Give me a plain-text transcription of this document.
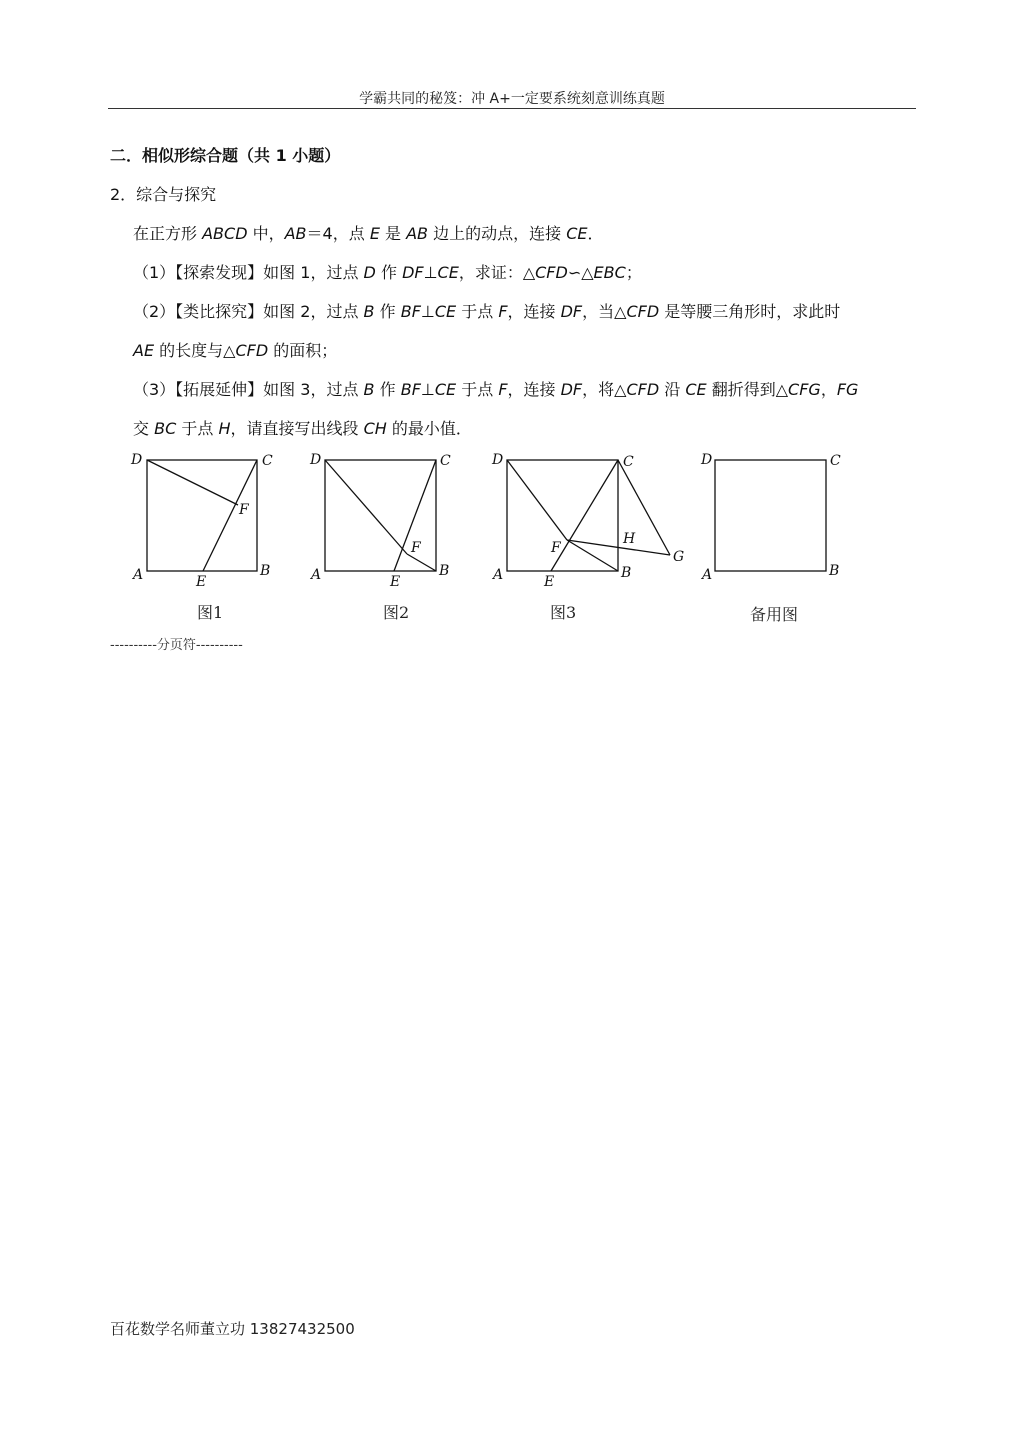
学霸共同的秘笈：冲 A+一定要系统刻意训练真题
二．相似形综合题（共 1 小题）
2．综合与探究
在正方形 ABCD 中，AB＝4，点 E 是 AB 边上的动点，连接 CE．
（1）【探索发现】如图 1，过点 D 作 DF⊥CE，求证：△CFD∽△EBC；
（2）【类比探究】如图 2，过点 B 作 BF⊥CE 于点 F，连接 DF，当△CFD 是等腰三角形时，求此时
AE 的长度与△CFD 的面积；
（3）【拓展延伸】如图 3，过点 B 作 BF⊥CE 于点 F，连接 DF，将△CFD 沿 CE 翻折得到△CFG，FG
交 BC 于点 H，请直接写出线段 CH 的最小值．
D	C
A	B
E
F
图1
D	C
A	B
E
F
图2
D	C
A	B
E
F
H
G
图3
D	C
A	B
备用图
----------分页符----------
百花数学名师董立功 13827432500
